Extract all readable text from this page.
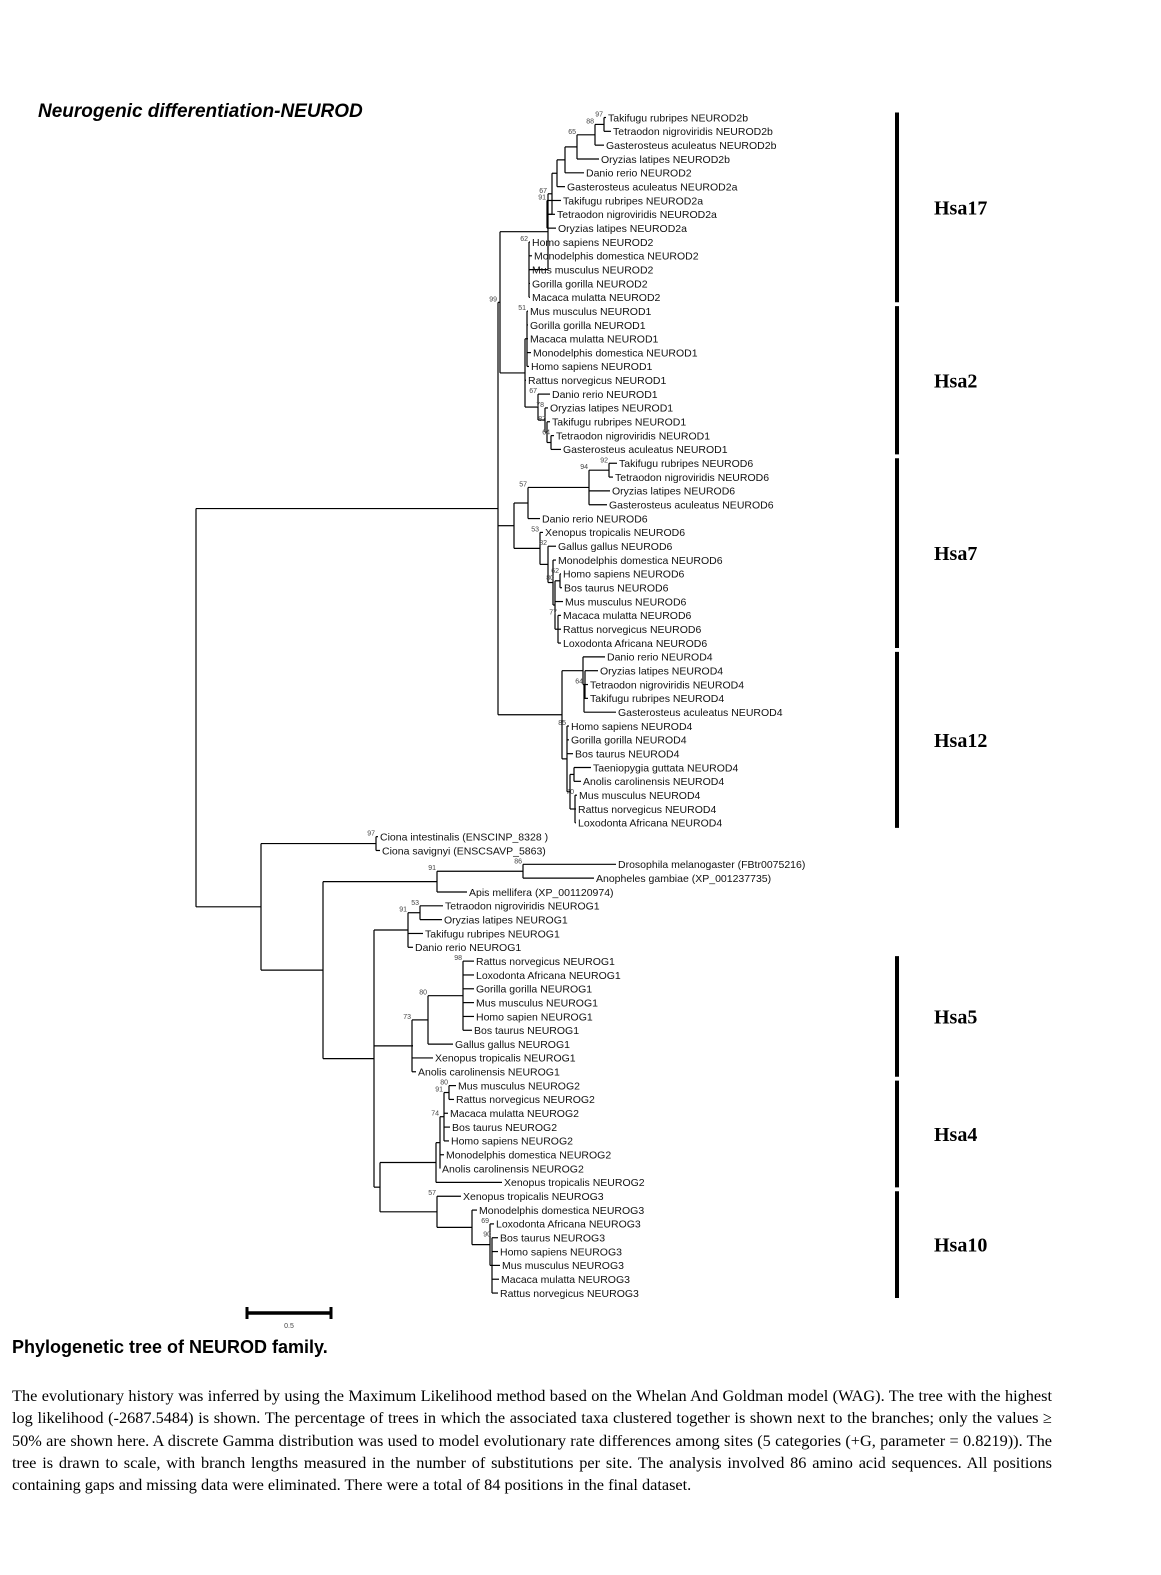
Neurogenic differentiation-NEUROD	97
88
65
91
62
67
51
64
87
78
67
92
94
57
62
77
80
82
53
64
70
85
99
97
86
91
53
91
98
80
73
80
91
74
90
69
57
Takifugu rubripes NEUROD2b
Tetraodon nigroviridis NEUROD2b
Gasterosteus aculeatus NEUROD2b
Oryzias latipes NEUROD2b
Danio rerio NEUROD2
Gasterosteus aculeatus NEUROD2a
Takifugu rubripes NEUROD2a
Tetraodon nigroviridis NEUROD2a
Oryzias latipes NEUROD2a
Homo sapiens NEUROD2
Monodelphis domestica NEUROD2
Mus musculus NEUROD2
Gorilla gorilla NEUROD2
Macaca mulatta NEUROD2
Mus musculus NEUROD1
Gorilla gorilla NEUROD1
Macaca mulatta NEUROD1
Monodelphis domestica NEUROD1
Homo sapiens NEUROD1
Rattus norvegicus NEUROD1
Danio rerio NEUROD1
Oryzias latipes NEUROD1
Takifugu rubripes NEUROD1
Tetraodon nigroviridis NEUROD1
Gasterosteus aculeatus NEUROD1
Takifugu rubripes NEUROD6
Tetraodon nigroviridis NEUROD6
Oryzias latipes NEUROD6
Gasterosteus aculeatus NEUROD6
Danio rerio NEUROD6
Xenopus tropicalis NEUROD6
Gallus gallus NEUROD6
Monodelphis domestica NEUROD6
Homo sapiens NEUROD6
Bos taurus NEUROD6
Mus musculus NEUROD6
Macaca mulatta NEUROD6
Rattus norvegicus NEUROD6
Loxodonta Africana NEUROD6
Danio rerio NEUROD4
Oryzias latipes NEUROD4
Tetraodon nigroviridis NEUROD4
Takifugu rubripes NEUROD4
Gasterosteus aculeatus NEUROD4
Homo sapiens NEUROD4
Gorilla gorilla NEUROD4
Bos taurus NEUROD4
Taeniopygia guttata NEUROD4
Anolis carolinensis NEUROD4
Mus musculus NEUROD4
Rattus norvegicus NEUROD4
Loxodonta Africana NEUROD4
Ciona intestinalis (ENSCINP_8328 )
Ciona savignyi (ENSCSAVP_5863)
Drosophila melanogaster (FBtr0075216)
Anopheles gambiae (XP_001237735)
Apis mellifera (XP_001120974)
Tetraodon nigroviridis NEUROG1
Oryzias latipes NEUROG1
Takifugu rubripes NEUROG1
Danio rerio NEUROG1
Rattus norvegicus NEUROG1
Loxodonta Africana NEUROG1
Gorilla gorilla NEUROG1
Mus musculus NEUROG1
Homo sapien NEUROG1
Bos taurus NEUROG1
Gallus gallus NEUROG1
Xenopus tropicalis NEUROG1
Anolis carolinensis NEUROG1
Mus musculus NEUROG2
Rattus norvegicus NEUROG2
Macaca mulatta NEUROG2
Bos taurus NEUROG2
Homo sapiens NEUROG2
Monodelphis domestica NEUROG2
Anolis carolinensis NEUROG2
Xenopus tropicalis NEUROG2
Xenopus tropicalis NEUROG3
Monodelphis domestica NEUROG3
Loxodonta Africana NEUROG3
Bos taurus NEUROG3
Homo sapiens NEUROG3
Mus musculus NEUROG3
Macaca mulatta NEUROG3
Rattus norvegicus NEUROG3
Hsa17
Hsa2
Hsa7
Hsa12
Hsa5
Hsa4
Hsa10
0.5
Phylogenetic tree of NEUROD family.
The evolutionary history was inferred by using the Maximum Likelihood method based on the Whelan And Goldman model (WAG). The tree with the highest log likelihood (-2687.5484) is shown. The percentage of trees in which the associated taxa clustered together is shown next to the branches; only the values ≥ 50% are shown here. A discrete Gamma distribution was used to model evolutionary rate differences among sites (5 categories (+G, parameter = 0.8219)). The tree is drawn to scale, with branch lengths measured in the number of substitutions per site. The analysis involved 86 amino acid sequences. All positions containing gaps and missing data were eliminated. There were a total of 84 positions in the final dataset.
